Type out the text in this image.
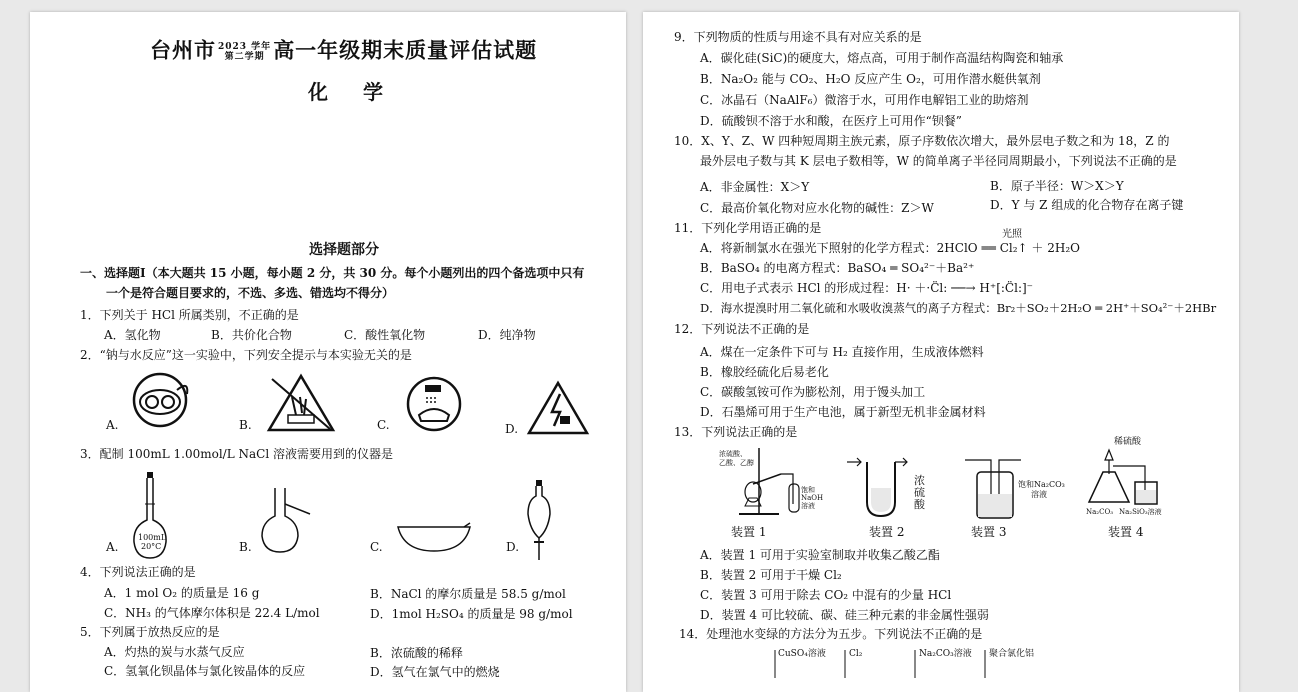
台州市 2023 学年
第二学期 高一年级期末质量评估试题
化 学
选择题部分
一、选择题Ⅰ（本大题共 15 小题，每小题 2 分，共 30 分。每个小题列出的四个备选项中只有
一个是符合题目要求的，不选、多选、错选均不得分）
1．下列关于 HCl 所属类别，不正确的是
A．氢化物	B．共价化合物	C．酸性氧化物	D．纯净物
2．“钠与水反应”这一实验中，下列安全提示与本实验无关的是
A.	B.	C.	D.
3．配制 100mL 1.00mol/L NaCl 溶液需要用到的仪器是
A.
100mL
20°C	B.	C.	D.
4．下列说法正确的是
A．1 mol O₂ 的质量是 16 g	B．NaCl 的摩尔质量是 58.5 g/mol
C．NH₃ 的气体摩尔体积是 22.4 L/mol	D．1mol H₂SO₄ 的质量是 98 g/mol
5．下列属于放热反应的是
A．灼热的炭与水蒸气反应	B．浓硫酸的稀释
C．氢氧化钡晶体与氯化铵晶体的反应	D．氢气在氯气中的燃烧
9．下列物质的性质与用途不具有对应关系的是
A．碳化硅(SiC)的硬度大，熔点高，可用于制作高温结构陶瓷和轴承
B．Na₂O₂ 能与 CO₂、H₂O 反应产生 O₂，可用作潜水艇供氧剂
C．冰晶石（NaAlF₆）微溶于水，可用作电解铝工业的助熔剂
D．硫酸钡不溶于水和酸，在医疗上可用作“钡餐”
10．X、Y、Z、W 四种短周期主族元素，原子序数依次增大，最外层电子数之和为 18，Z 的
最外层电子数与其 K 层电子数相等，W 的简单离子半径同周期最小，下列说法不正确的是
A．非金属性：X＞Y	B．原子半径：W＞X＞Y
C．最高价氧化物对应水化物的碱性：Z＞W	D．Y 与 Z 组成的化合物存在离子键
11．下列化学用语正确的是	光照
A．将新制氯水在强光下照射的化学方程式：2HClO ══ Cl₂↑ ＋ 2H₂O
B．BaSO₄ 的电离方程式：BaSO₄ ═ SO₄²⁻＋Ba²⁺
C．用电子式表示 HCl 的形成过程：H· ＋·C̈l: ──→ H⁺[:C̈l:]⁻
D．海水提溴时用二氧化硫和水吸收溴蒸气的离子方程式：Br₂＋SO₂＋2H₂O ═ 2H⁺＋SO₄²⁻＋2HBr
12．下列说法不正确的是
A．煤在一定条件下可与 H₂ 直接作用，生成液体燃料
B．橡胶经硫化后易老化
C．碳酸氢铵可作为膨松剂，用于馒头加工
D．石墨烯可用于生产电池，属于新型无机非金属材料
13．下列说法正确的是
浓硫酸、
乙酸、乙醇
饱和
NaOH
溶液
装置 1
浓
硫
酸
装置 2
饱和Na₂CO₃
溶液
装置 3
稀硫酸
Na₂CO₃ Na₂SiO₃溶液
装置 4
A．装置 1 可用于实验室制取并收集乙酸乙酯
B．装置 2 可用于干燥 Cl₂
C．装置 3 可用于除去 CO₂ 中混有的少量 HCl
D．装置 4 可比较硫、碳、硅三种元素的非金属性强弱
14．处理池水变绿的方法分为五步。下列说法不正确的是
CuSO₄溶液	Cl₂	Na₂CO₃溶液 聚合氯化铝
